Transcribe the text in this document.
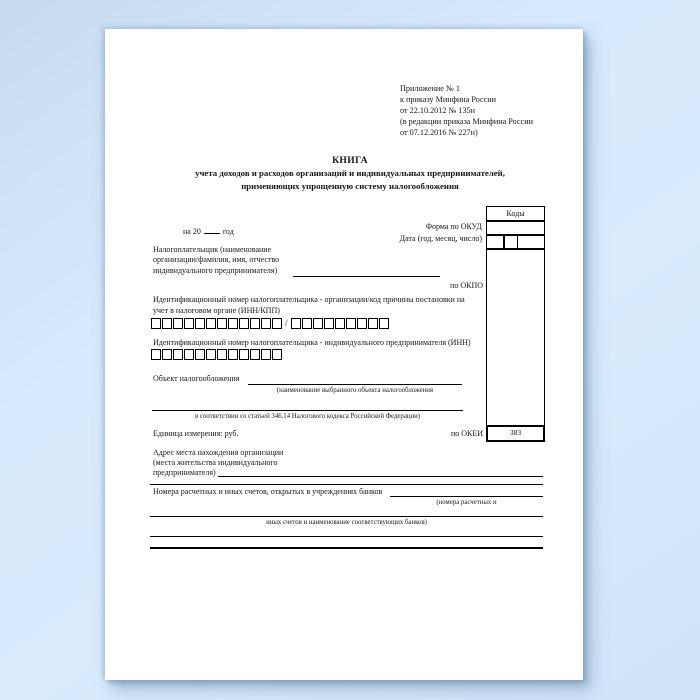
Приложение № 1
к приказу Минфина России
от 22.10.2012 № 135н
(в редакции приказа Минфина России
от 07.12.2016 № 227н)
КНИГА
учета доходов и расходов организаций и индивидуальных предпринимателей,
применяющих упрощенную систему налогообложения
Коды
383
Форма по ОКУД
Дата (год, месяц, число)
на 20	год
Налогоплательщик (наименование
организации/фамилия, имя, отчество
индивидуального предпринимателя)
по ОКПО
Идентификационный номер налогоплательщика - организации/код причины постановки на
учет в налоговом органе (ИНН/КПП)
/
Идентификационный номер налогоплательщика - индивидуального предпринимателя (ИНН)
Объект налогообложения
(наименование выбранного объекта налогообложения
в соответствии со статьей 346.14 Налогового кодекса Российской Федерации)
Единица измерения: руб.	по ОКЕИ
Адрес места нахождения организации
(места жительства индивидуального
предпринимателя)
Номера расчетных и иных счетов, открытых в учреждениях банков
(номера расчетных и
иных счетов и наименование соответствующих банков)
